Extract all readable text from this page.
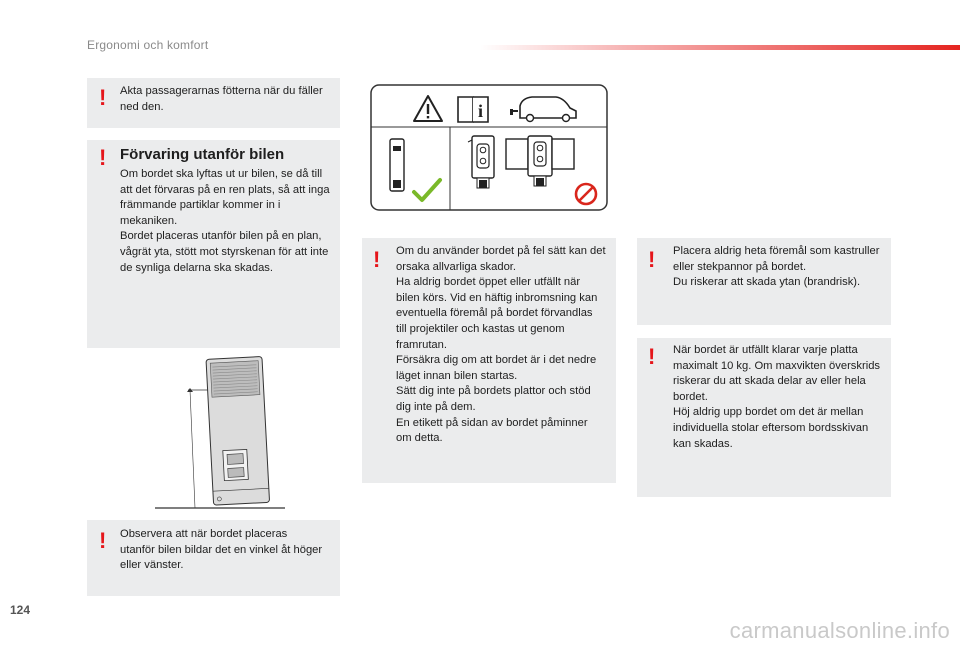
Ergonomi och komfort
! Akta passagerarnas fötterna när du fäller ned den.
! Förvaring utanför bilen
Om bordet ska lyftas ut ur bilen, se då till att det förvaras på en ren plats, så att inga främmande partiklar kommer in i mekaniken.
Bordet placeras utanför bilen på en plan, vågrät yta, stött mot styrskenan för att inte de synliga delarna ska skadas.
! Observera att när bordet placeras utanför bilen bildar det en vinkel åt höger eller vänster.
i
! Om du använder bordet på fel sätt kan det orsaka allvarliga skador.
Ha aldrig bordet öppet eller utfällt när bilen körs. Vid en häftig inbromsning kan eventuella föremål på bordet förvandlas till projektiler och kastas ut genom framrutan.
Försäkra dig om att bordet är i det nedre läget innan bilen startas.
Sätt dig inte på bordets plattor och stöd dig inte på dem.
En etikett på sidan av bordet påminner om detta.
! Placera aldrig heta föremål som kastruller eller stekpannor på bordet.
Du riskerar att skada ytan (brandrisk).
! När bordet är utfällt klarar varje platta maximalt 10 kg. Om maxvikten överskrids riskerar du att skada delar av eller hela bordet.
Höj aldrig upp bordet om det är mellan individuella stolar eftersom bordsskivan kan skadas.
124
carmanualsonline.info
